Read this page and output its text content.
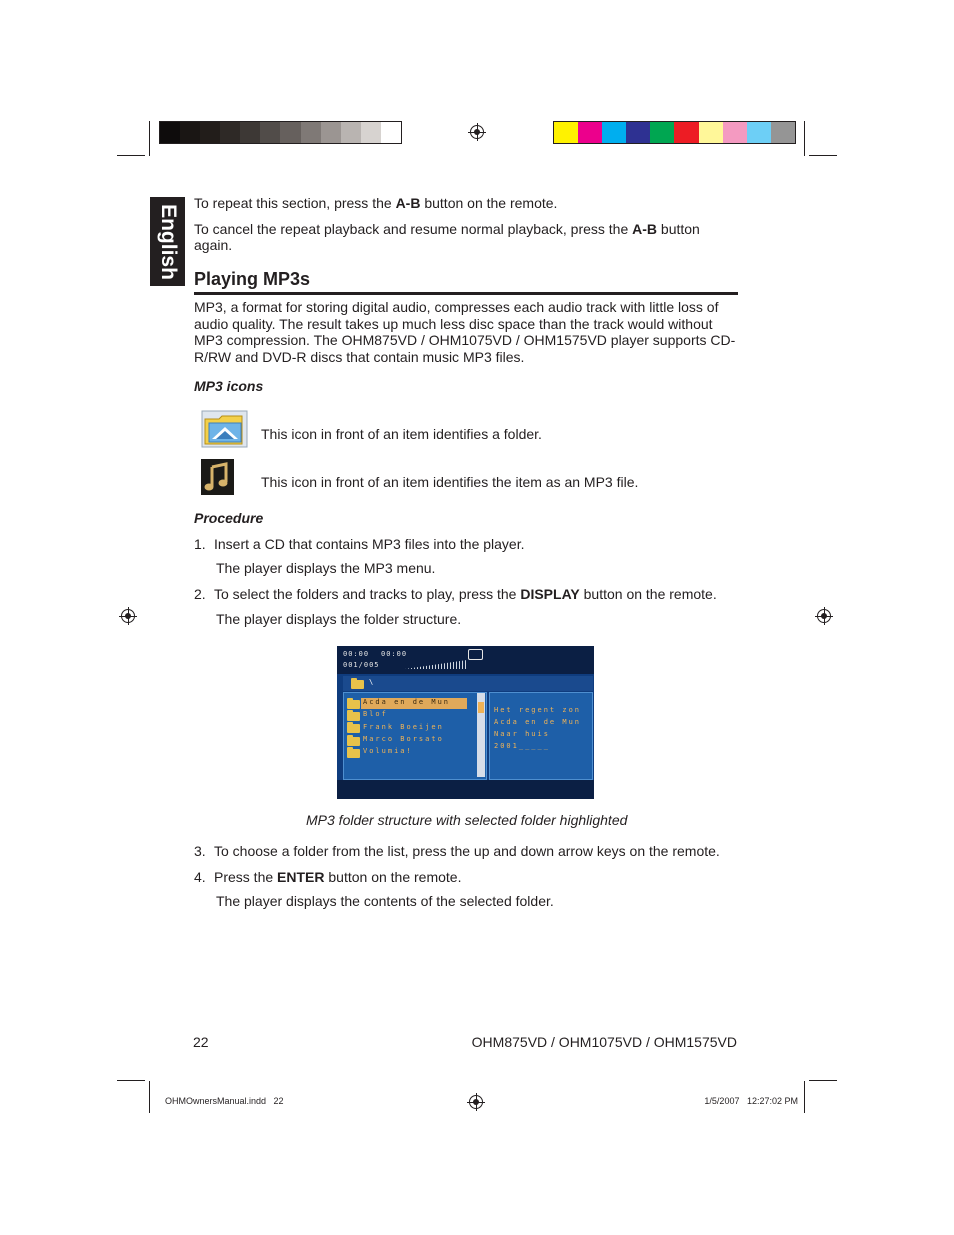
English
To repeat this section, press the A-B button on the remote.
To cancel the repeat playback and resume normal playback, press the A-B button
again.
Playing MP3s
MP3, a format for storing digital audio, compresses each audio track with little loss of
audio quality. The result takes up much less disc space than the track would without
MP3 compression. The OHM875VD / OHM1075VD / OHM1575VD player supports CD-
R/RW and DVD-R discs that contain music MP3 files.
MP3 icons
This icon in front of an item identifies a folder.
This icon in front of an item identifies the item as an MP3 file.
Procedure
1. Insert a CD that contains MP3 files into the player.
The player displays the MP3 menu.
2. To select the folders and tracks to play, press the DISPLAY button on the remote.
The player displays the folder structure.
00:00 00:00
001/005
\
Acda en de Mun
Blof
Frank Boeijen
Marco Borsato
Volumia!
Het regent zon
Acda en de Mun
Naar huis
2001_____
MP3 folder structure with selected folder highlighted
3. To choose a folder from the list, press the up and down arrow keys on the remote.
4. Press the ENTER button on the remote.
The player displays the contents of the selected folder.
22	OHM875VD / OHM1075VD / OHM1575VD
OHMOwnersManual.indd   22	1/5/2007   12:27:02 PM
